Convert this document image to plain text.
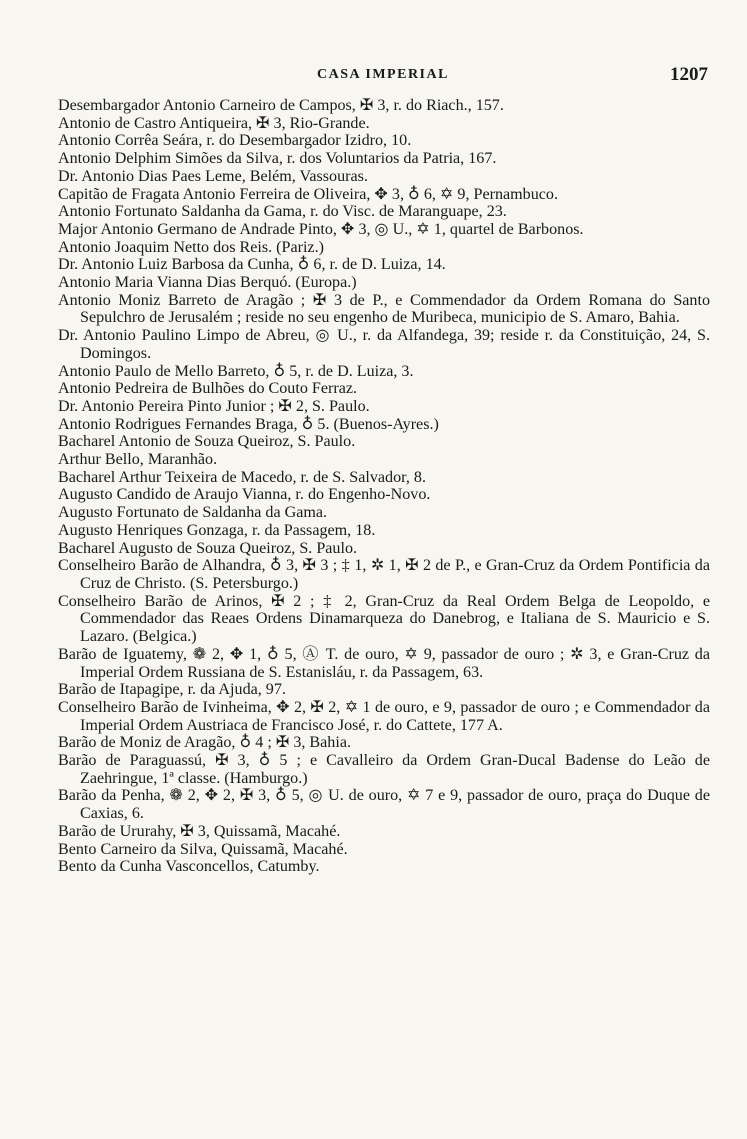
CASA IMPERIAL	1207
Desembargador Antonio Carneiro de Campos, ✠ 3, r. do Riach., 157.
Antonio de Castro Antiqueira, ✠ 3, Rio-Grande.
Antonio Corrêa Seára, r. do Desembargador Izidro, 10.
Antonio Delphim Simões da Silva, r. dos Voluntarios da Patria, 167.
Dr. Antonio Dias Paes Leme, Belém, Vassouras.
Capitão de Fragata Antonio Ferreira de Oliveira, ✥ 3, ♁ 6, ✡ 9, Pernambuco.
Antonio Fortunato Saldanha da Gama, r. do Visc. de Maranguape, 23.
Major Antonio Germano de Andrade Pinto, ✥ 3, ◎ U., ✡ 1, quartel de Barbonos.
Antonio Joaquim Netto dos Reis. (Pariz.)
Dr. Antonio Luiz Barbosa da Cunha, ♁ 6, r. de D. Luiza, 14.
Antonio Maria Vianna Dias Berquó. (Europa.)
Antonio Moniz Barreto de Aragão ; ✠ 3 de P., e Commendador da Ordem Romana do Santo Sepulchro de Jerusalém ; reside no seu engenho de Muribeca, municipio de S. Amaro, Bahia.
Dr. Antonio Paulino Limpo de Abreu, ◎ U., r. da Alfandega, 39; reside r. da Constituição, 24, S. Domingos.
Antonio Paulo de Mello Barreto, ♁ 5, r. de D. Luiza, 3.
Antonio Pedreira de Bulhões do Couto Ferraz.
Dr. Antonio Pereira Pinto Junior ; ✠ 2, S. Paulo.
Antonio Rodrigues Fernandes Braga, ♁ 5. (Buenos-Ayres.)
Bacharel Antonio de Souza Queiroz, S. Paulo.
Arthur Bello, Maranhão.
Bacharel Arthur Teixeira de Macedo, r. de S. Salvador, 8.
Augusto Candido de Araujo Vianna, r. do Engenho-Novo.
Augusto Fortunato de Saldanha da Gama.
Augusto Henriques Gonzaga, r. da Passagem, 18.
Bacharel Augusto de Souza Queiroz, S. Paulo.
Conselheiro Barão de Alhandra, ♁ 3, ✠ 3 ; ‡ 1, ✲ 1, ✠ 2 de P., e Gran-Cruz da Ordem Pontificia da Cruz de Christo. (S. Petersburgo.)
Conselheiro Barão de Arinos, ✠ 2 ; ‡ 2, Gran-Cruz da Real Ordem Belga de Leopoldo, e Commendador das Reaes Ordens Dinamarqueza do Danebrog, e Italiana de S. Mauricio e S. Lazaro. (Belgica.)
Barão de Iguatemy, ❁ 2, ✥ 1, ♁ 5, Ⓐ T. de ouro, ✡ 9, passador de ouro ; ✲ 3, e Gran-Cruz da Imperial Ordem Russiana de S. Estanisláu, r. da Passagem, 63.
Barão de Itapagipe, r. da Ajuda, 97.
Conselheiro Barão de Ivinheima, ✥ 2, ✠ 2, ✡ 1 de ouro, e 9, passador de ouro ; e Commendador da Imperial Ordem Austriaca de Francisco José, r. do Cattete, 177 A.
Barão de Moniz de Aragão, ♁ 4 ; ✠ 3, Bahia.
Barão de Paraguassú, ✠ 3, ♁ 5 ; e Cavalleiro da Ordem Gran-Ducal Badense do Leão de Zaehringue, 1ª classe. (Hamburgo.)
Barão da Penha, ❁ 2, ✥ 2, ✠ 3, ♁ 5, ◎ U. de ouro, ✡ 7 e 9, passador de ouro, praça do Duque de Caxias, 6.
Barão de Ururahy, ✠ 3, Quissamã, Macahé.
Bento Carneiro da Silva, Quissamã, Macahé.
Bento da Cunha Vasconcellos, Catumby.
